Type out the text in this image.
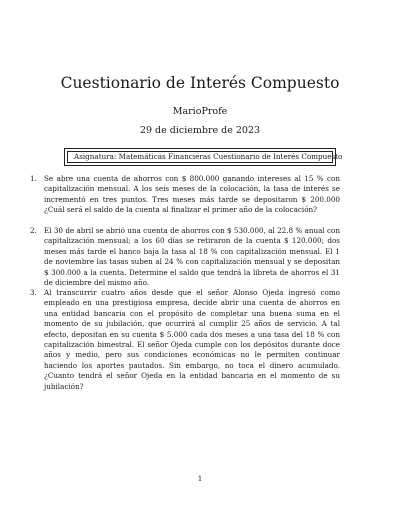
Cuestionario de Interés Compuesto
MarioProfe
29 de diciembre de 2023
Asignatura: Matemáticas Financieras Cuestionario de Interés Compuesto
1. Se abre una cuenta de ahorros con $ 800.000 ganando intereses al 15 % con capitalización mensual. A los seis meses de la colocación, la tasa de interés se incrementó en tres puntos. Tres meses más tarde se depositaron $ 200.000 ¿Cuál será el saldo de la cuenta al finalizar el primer año de la colocación?

2. El 30 de abril se abrió una cuenta de ahorros con $ 530.000, al 22.8 % anual con capitalización mensual; a los 60 días se retiraron de la cuenta $ 120.000; dos meses más tarde el banco baja la tasa al 18 % con capitalización mensual. El 1 de noviembre las tasas suben al 24 % con capitalización mensual y se depositan $ 300.000 a la cuenta. Determine el saldo que tendrá la libreta de ahorros el 31 de diciembre del mismo año.

3. Al transcurrir cuatro años desde que el señor Alonso Ojeda ingresó como empleado en una prestigiosa empresa, decide abrir una cuenta de ahorros en una entidad bancaria con el propósito de completar una buena suma en el momento de su jubilación, que ocurrirá al cumplir 25 años de servicio. A tal efecto, depositan en su cuenta $ 5.000 cada dos meses a una tasa del 18 % con capitalización bimestral. El señor Ojeda cumple con los depósitos durante doce años y medio, pero sus condiciones económicas no le permiten continuar haciendo los aportes pautados. Sin embargo, no toca el dinero acumulado. ¿Cuanto tendrá el señor Ojeda en la entidad bancaria en el momento de su jubilación?

1
